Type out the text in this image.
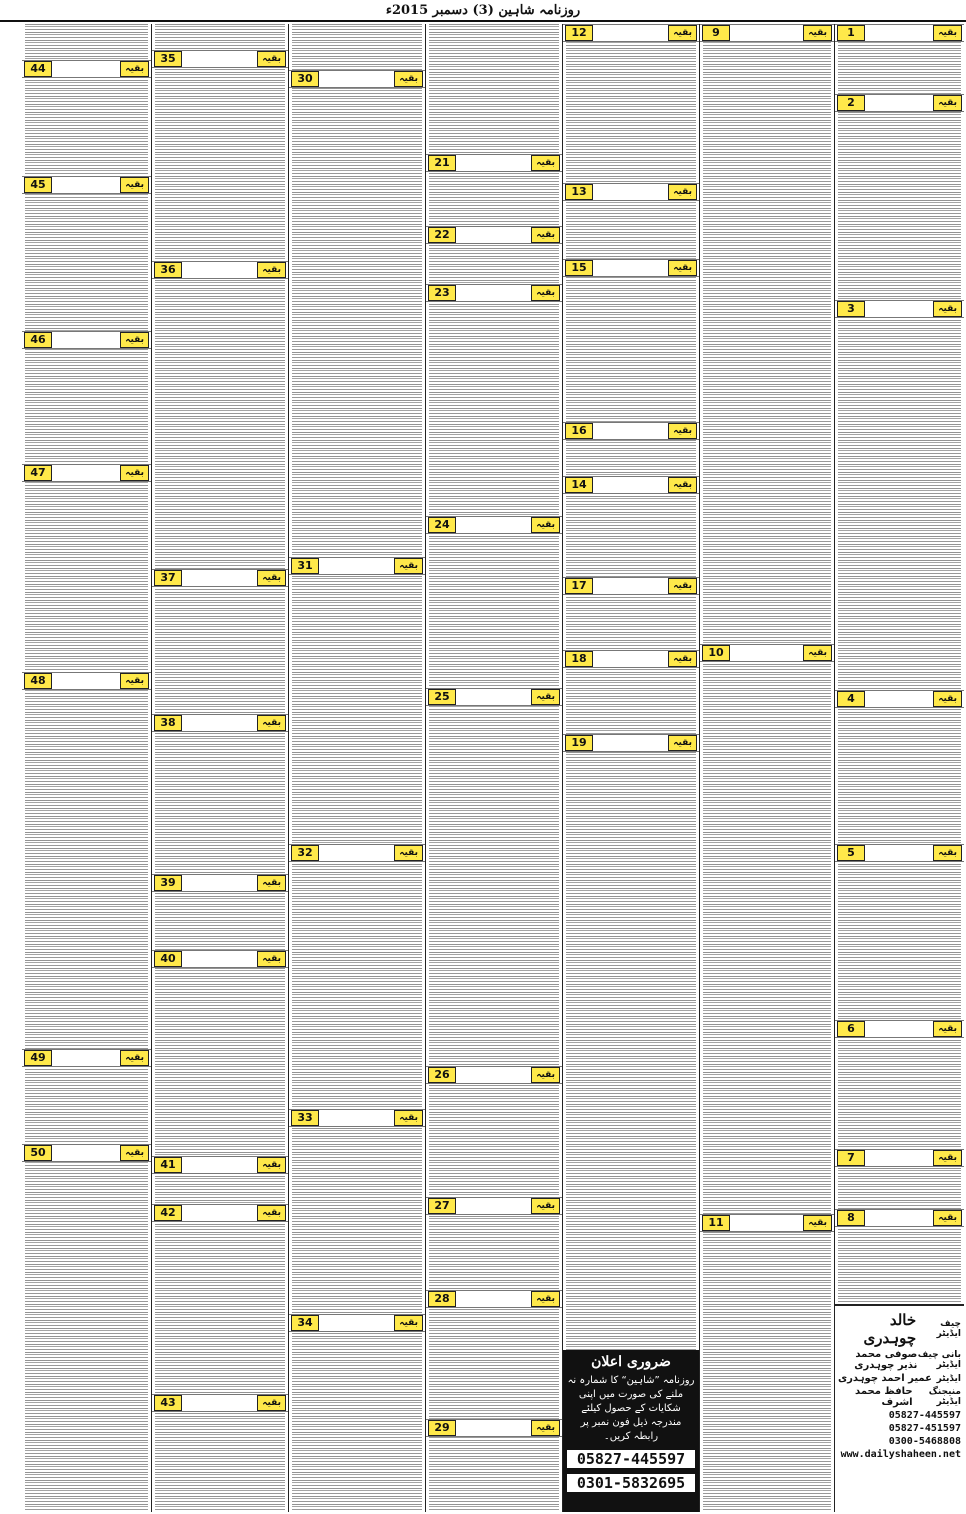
روزنامہ شاہین (3) دسمبر 2015ء
بقیہ
1
بقیہ
2
بقیہ
3
بقیہ
4
بقیہ
5
بقیہ
6
بقیہ
7
بقیہ
8
چیف ایڈیٹر
خالد چوہدری
بانی چیف ایڈیٹر
صوفی محمد نذیر چوہدری
ایڈیٹر
عمیر احمد چوہدری
منیجنگ ایڈیٹر
حافظ محمد اشرف
05827-445597
05827-451597
0300-5468808
www.dailyshaheen.net
بقیہ
9
بقیہ
10
بقیہ
11
بقیہ
12
بقیہ
13
بقیہ
14
بقیہ
15
بقیہ
16
بقیہ
17
بقیہ
18
بقیہ
19
ضروری اعلان
روزنامہ ”شاہین“ کا شمارہ نہ ملنے کی صورت میں اپنی شکایات کے حصول کیلئے مندرجہ ذیل فون نمبر پر رابطہ کریں۔
05827-445597
0301-5832695
بقیہ
21
بقیہ
22
بقیہ
23
بقیہ
24
بقیہ
25
بقیہ
26
بقیہ
27
بقیہ
28
بقیہ
29
بقیہ
30
بقیہ
31
بقیہ
32
بقیہ
33
بقیہ
34
بقیہ
35
بقیہ
36
بقیہ
37
بقیہ
38
بقیہ
39
بقیہ
40
بقیہ
41
بقیہ
42
بقیہ
43
بقیہ
44
بقیہ
45
بقیہ
46
بقیہ
47
بقیہ
48
بقیہ
49
بقیہ
50
